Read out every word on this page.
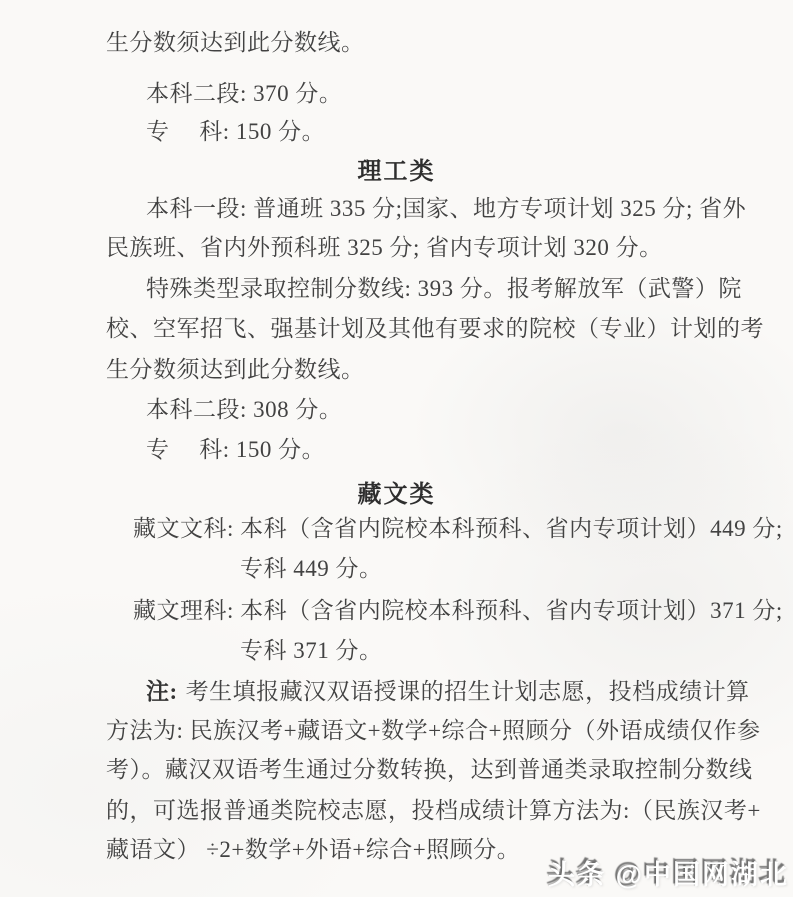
生分数须达到此分数线。
本科二段: 370 分。
专　 科: 150 分。
理工类
本科一段: 普通班 335 分;国家、地方专项计划 325 分; 省外
民族班、省内外预科班 325 分; 省内专项计划 320 分。
特殊类型录取控制分数线: 393 分。报考解放军（武警）院
校、空军招飞、强基计划及其他有要求的院校（专业）计划的考
生分数须达到此分数线。
本科二段: 308 分。
专　 科: 150 分。
藏文类
藏文文科: 本科（含省内院校本科预科、省内专项计划）449 分;
专科 449 分。
藏文理科: 本科（含省内院校本科预科、省内专项计划）371 分;
专科 371 分。
注: 考生填报藏汉双语授课的招生计划志愿，投档成绩计算
方法为: 民族汉考+藏语文+数学+综合+照顾分（外语成绩仅作参
考）。藏汉双语考生通过分数转换，达到普通类录取控制分数线
的，可选报普通类院校志愿，投档成绩计算方法为:（民族汉考+
藏语文） ÷2+数学+外语+综合+照顾分。
头条 @中国网湖北
